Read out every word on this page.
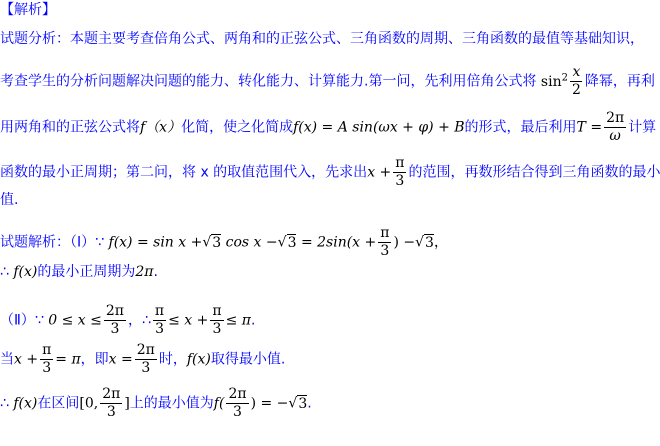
【解析】
试题分析：本题主要考查倍角公式、两角和的正弦公式、三角函数的周期、三角函数的最值等基础知识，
考查学生的分析问题解决问题的能力、转化能力、计算能力.第一问，先利用倍角公式将 $\sin^2 \frac{x}{2}$ 降幂，再利
用两角和的正弦公式将f（x）化简，使之化简成f(x) = A sin(ωx + φ) + B的形式，最后利用$T = \frac{2\pi}{\omega}$ 计算
函数的最小正周期；第二问，将 x 的取值范围代入，先求出$x + \frac{\pi}{3}$ 的范围，再数形结合得到三角函数的最小
值.
试题解析：（Ⅰ）∵ f(x) = sin x +√3 $\cos x -√3 = 2\sin(x + \frac{\pi}{3}$ ) −√3，
∴ f(x)的最小正周期为2π.
（Ⅱ）∵ $0 \le x \le \frac{2\pi}{3}$ ，∴ $\frac{\pi}{3} \le x + \frac{\pi}{3} \le \pi$.
当$x + \frac{\pi}{3} = \pi$，即$x = \frac{2\pi}{3}$ 时，f(x)取得最小值.
∴ f(x)在区间[0, $\frac{2\pi}{3}$ ]上的最小值为$f( \frac{2\pi}{3}$ ) = −√3.
